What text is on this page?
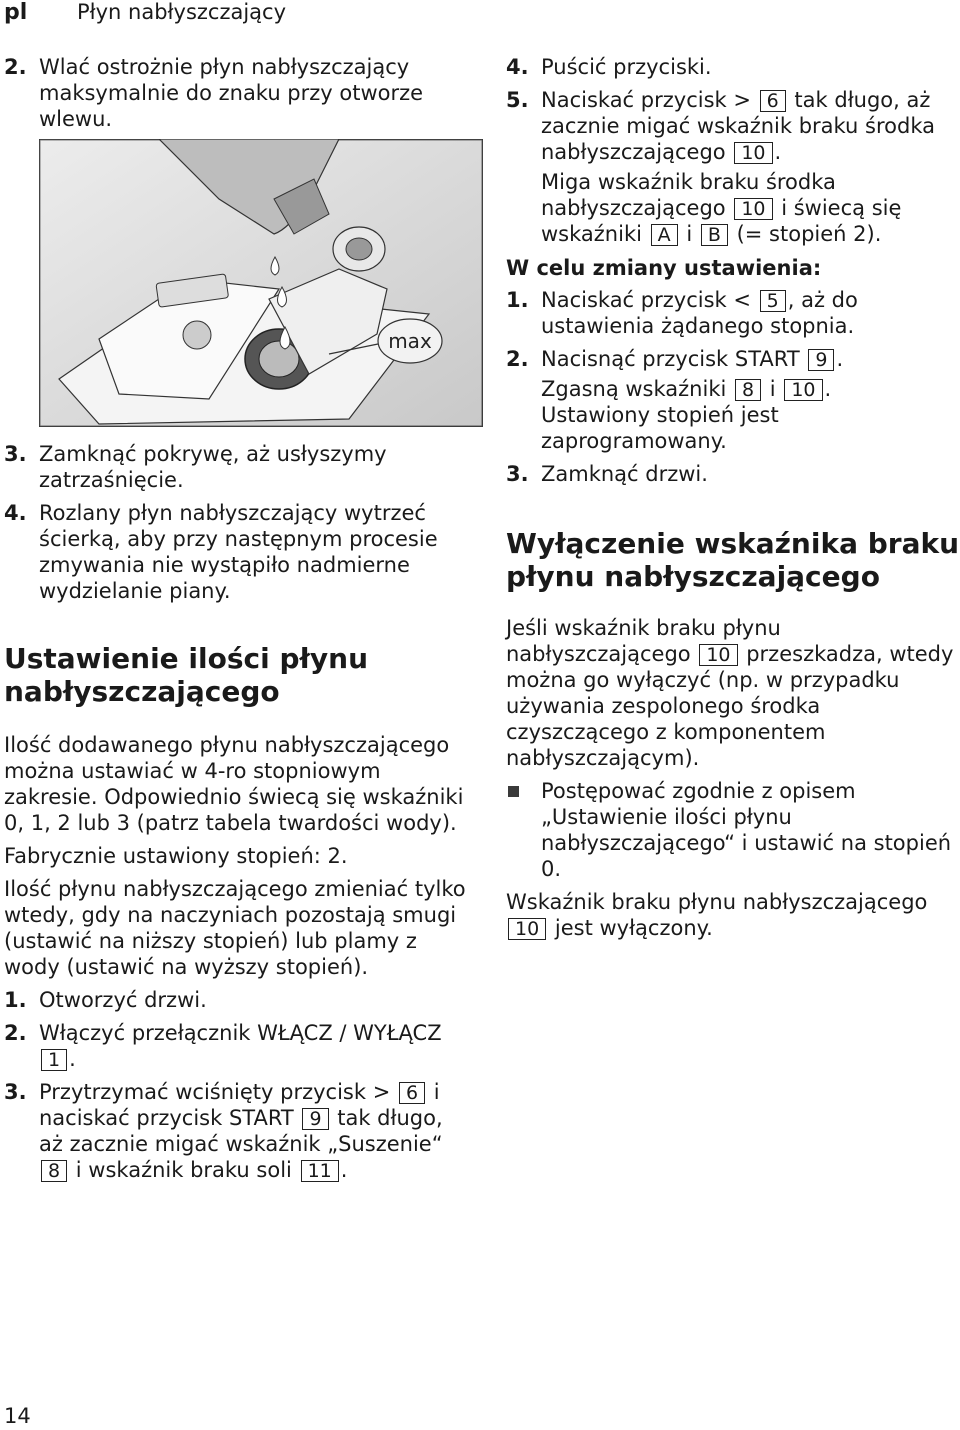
pl Płyn nabłyszczający
2. Wlać ostrożnie płyn nabłyszczający maksymalnie do znaku przy otworze wlewu.
max
3. Zamknąć pokrywę, aż usłyszymy zatrzaśnięcie.
4. Rozlany płyn nabłyszczający wytrzeć ścierką, aby przy następnym procesie zmywania nie wystąpiło nadmierne wydzielanie piany.
Ustawienie ilości płynu nabłyszczającego
Ilość dodawanego płynu nabłyszczającego można ustawiać w 4-ro stopniowym zakresie. Odpowiednio świecą się wskaźniki 0, 1, 2 lub 3 (patrz tabela twardości wody).
Fabrycznie ustawiony stopień: 2.
Ilość płynu nabłyszczającego zmieniać tylko wtedy, gdy na naczyniach pozostają smugi (ustawić na niższy stopień) lub plamy z wody (ustawić na wyższy stopień).
1. Otworzyć drzwi.
2. Włączyć przełącznik WŁĄCZ / WYŁĄCZ 1 .
3. Przytrzymać wciśnięty przycisk > 6 i naciskać przycisk START 9 tak długo, aż zacznie migać wskaźnik „Suszenie“ 8 i wskaźnik braku soli 11 .
4. Puścić przyciski.
5. Naciskać przycisk > 6 tak długo, aż zacznie migać wskaźnik braku środka nabłyszczającego 10 .
Miga wskaźnik braku środka nabłyszczającego 10 i świecą się wskaźniki A i B (= stopień 2).
W celu zmiany ustawienia:
1. Naciskać przycisk < 5 , aż do ustawienia żądanego stopnia.
2. Nacisnąć przycisk START 9 .
Zgasną wskaźniki 8 i 10 .
Ustawiony stopień jest zaprogramowany.
3. Zamknąć drzwi.
Wyłączenie wskaźnika braku płynu nabłyszczającego
Jeśli wskaźnik braku płynu nabłyszczającego 10 przeszkadza, wtedy można go wyłączyć (np. w przypadku używania zespolonego środka czyszczącego z komponentem nabłyszczającym).
Postępować zgodnie z opisem „Ustawienie ilości płynu nabłyszczającego“ i ustawić na stopień 0.
Wskaźnik braku płynu nabłyszczającego 10 jest wyłączony.
14
